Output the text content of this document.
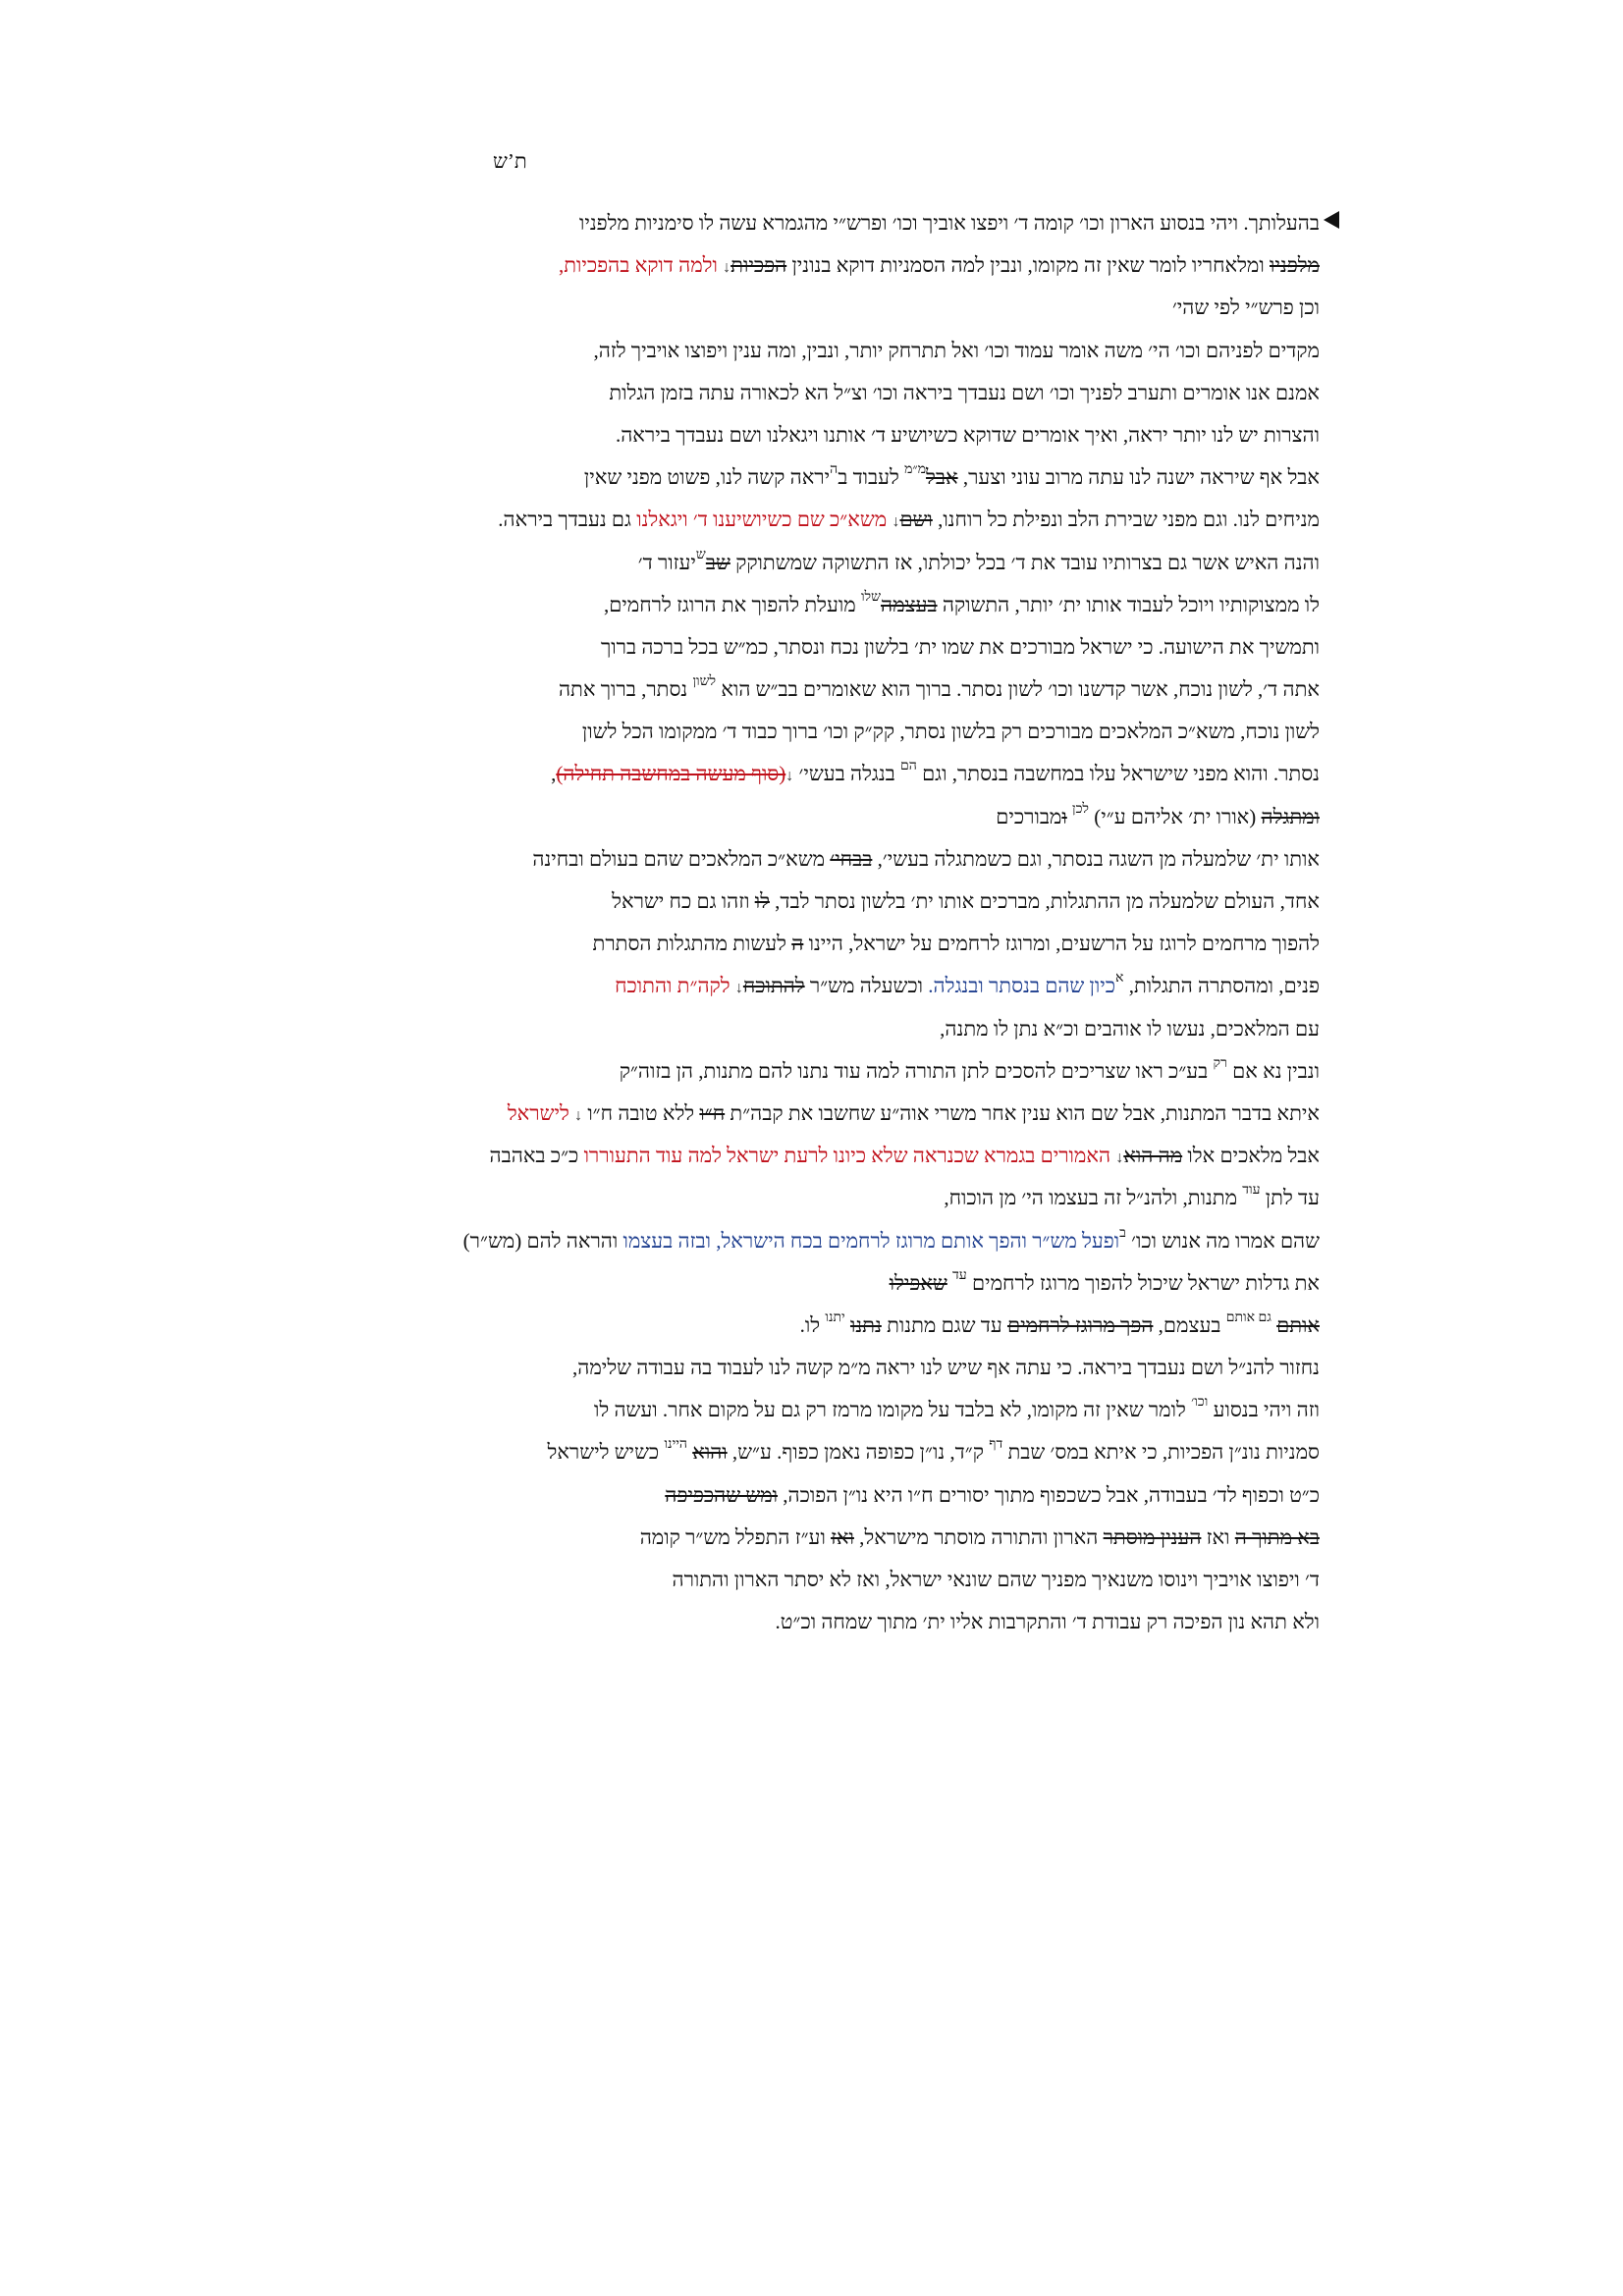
ת’ש
בהעלותך. ויהי בנסוע הארון וכו׳ קומה ד׳ ויפצו אוביך וכו׳ ופרש״י מהגמרא עשה לו סימניות מלפניו
מלפניו ומלאחריו לומר שאין זה מקומו, ונבין למה הסמניות דוקא בנונין הפכיות↓ ולמה דוקא בהפכיות,
וכן פרש״י לפי שהי׳
מקדים לפניהם וכו׳ הי׳ משה אומר עמוד וכו׳ ואל תתרחק יותר, ונבין, ומה ענין ויפוצו אויביך לזה,
אמנם אנו אומרים ותערב לפניך וכו׳ ושם נעבדך ביראה וכו׳ וצ״ל הא לכאורה עתה בזמן הגלות
והצרות יש לנו יותר יראה, ואיך אומרים שדוקא כשיושיע ד׳ אותנו ויגאלנו ושם נעבדך ביראה.
אבל אף שיראה ישנה לנו עתה מרוב עוני וצער, אבל$^{מ״מ}$ לעבוד ב$^ה$יראה קשה לנו, פשוט מפני שאין
מניחים לנו. וגם מפני שבירת הלב ונפילת כל רוחנו, ושם↓ משא״כ שם כשיושיענו ד׳ ויגאלנו גם נעבדך ביראה.
והנה האיש אשר גם בצרותיו עובד את ד׳ בכל יכולתו, אז התשוקה שמשתוקק שב$^ש$יעזור ד׳
לו ממצוקותיו ויוכל לעבוד אותו ית׳ יותר, התשוקה בעצמה$^{שלו}$ מועלת להפוך את הרוגז לרחמים,
ותמשיך את הישועה. כי ישראל מבורכים את שמו ית׳ בלשון נכח ונסתר, כמ״ש בכל ברכה ברוך
אתה ד׳, לשון נוכח, אשר קדשנו וכו׳ לשון נסתר. ברוך הוא שאומרים בב״ש הוא $^{לשון}$ נסתר, ברוך אתה
לשון נוכח, משא״כ המלאכים מבורכים רק בלשון נסתר, קק״ק וכו׳ ברוך כבוד ד׳ ממקומו הכל לשון
נסתר. והוא מפני שישראל עלו במחשבה בנסתר, וגם $^{הם}$ בנגלה בעשי׳ ↓(סוף מעשה במחשבה תחילה),
ומתגלה (אורו ית׳ אליהם ע״י) $^{לכן}$ ומבורכים
אותו ית׳ שלמעלה מן השגה בנסתר, וגם כשמתגלה בעשי׳, בבחי׳ משא״כ המלאכים שהם בעולם ובחינה
אחד, העולם שלמעלה מן ההתגלות, מברכים אותו ית׳ בלשון נסתר לבד, לו וזהו גם כח ישראל
להפוך מרחמים לרוגז על הרשעים, ומרוגז לרחמים על ישראל, היינו ה לעשות מהתגלות הסתרת
פנים, ומהסתרה התגלות, $^א$כיון שהם בנסתר ובנגלה. וכשעלה מש״ר להתוכח↓ לקה״ת והתוכח
עם המלאכים, נעשו לו אוהבים וכ״א נתן לו מתנה,
ונבין נא אם $^{רק}$ בע״כ ראו שצריכים להסכים לתן התורה למה עוד נתנו להם מתנות, הן בזוה״ק
איתא בדבר המתנות, אבל שם הוא ענין אחר משרי אוה״ע שחשבו את קבה״ת ח״ו ללא טובה ח״ו ↓ לישראל
אבל מלאכים אלו מה הוא↓ האמורים בגמרא שכנראה שלא כיונו לרעת ישראל למה עוד התעוררו כ״כ באהבה
עד לתן $^{עוד}$ מתנות, ולהנ״ל זה בעצמו הי׳ מן הוכוח,
שהם אמרו מה אנוש וכו׳ $^ב$ופעל מש״ר והפך אותם מרוגז לרחמים בכח הישראל, ובזה בעצמו והראה להם (מש״ר)
את גדלות ישראל שיכול להפוך מרוגז לרחמים $^{עד}$ שאפילו
אותם $^{גם אותם}$ בעצמם, הפך מרוגז לרחמים עד שגם מתנות נתנו $^{יתנו}$ לו.
נחזור להנ״ל ושם נעבדך ביראה. כי עתה אף שיש לנו יראה מ״מ קשה לנו לעבוד בה עבודה שלימה,
וזה ויהי בנסוע $^{וכו׳}$ לומר שאין זה מקומו, לא בלבד על מקומו מרמז רק גם על מקום אחר. ועשה לו
סמניות נונ״ן הפכיות, כי איתא במס׳ שבת $^{דף}$ ק״ד, נו״ן כפופה נאמן כפוף. ע״ש, והוא $^{היינו}$ כשיש לישראל
כ״ט וכפוף לד׳ בעבודה, אבל כשכפוף מתוך יסורים ח״ו היא נו״ן הפוכה, ומש שהכפיפה
בא מתוך ה ואז הענין מוסתר הארון והתורה מוסתר מישראל, ואז וע״ז התפלל מש״ר קומה
ד׳ ויפוצו אויביך וינוסו משנאיך מפניך שהם שונאי ישראל, ואז לא יסתר הארון והתורה
ולא תהא נון הפיכה רק עבודת ד׳ והתקרבות אליו ית׳ מתוך שמחה וכ״ט.
